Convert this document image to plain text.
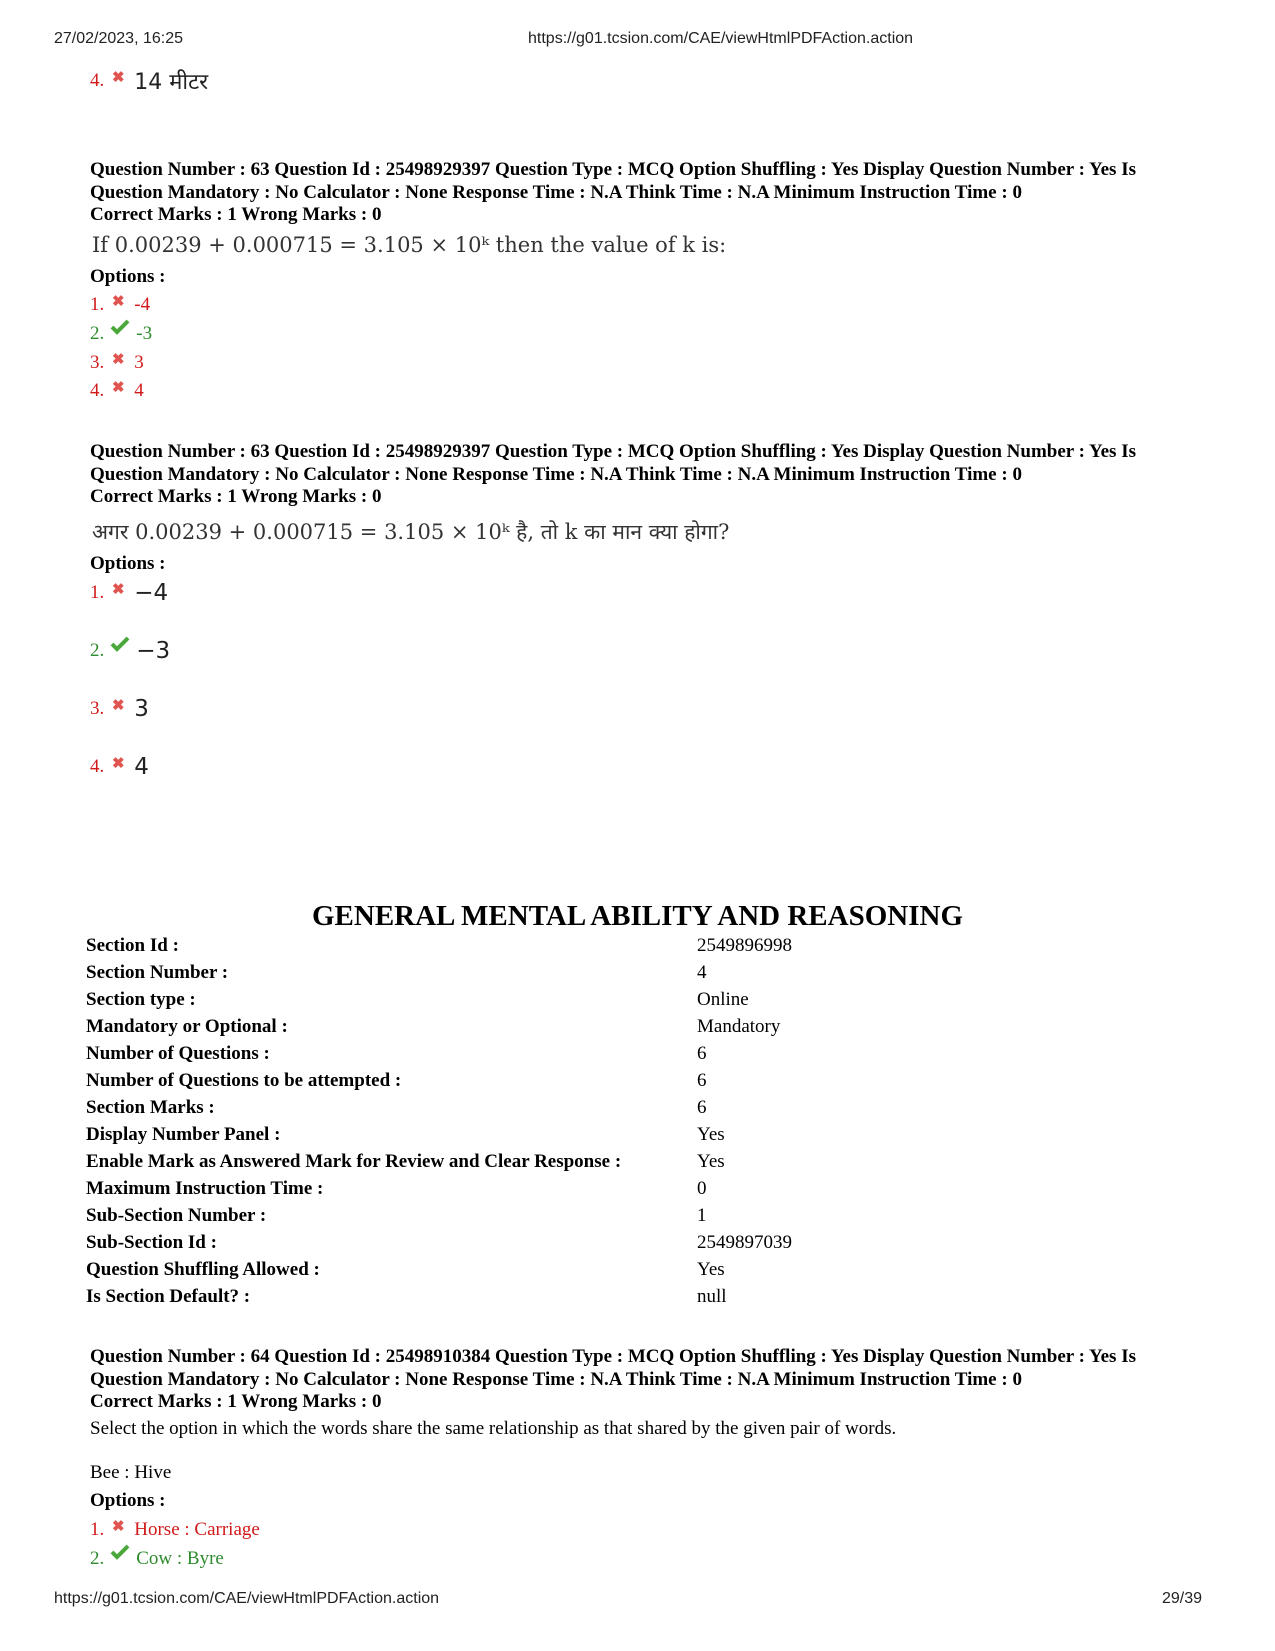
27/02/2023, 16:25	https://g01.tcsion.com/CAE/viewHtmlPDFAction.action
4. ✖ 14 मीटर
Question Number : 63 Question Id : 25498929397 Question Type : MCQ Option Shuffling : Yes Display Question Number : Yes Is Question Mandatory : No Calculator : None Response Time : N.A Think Time : N.A Minimum Instruction Time : 0
Correct Marks : 1 Wrong Marks : 0
If 0.00239 + 0.000715 = 3.105 × 10ᵏ then the value of k is:
Options :
1. ✖ -4
2. -3
3. ✖ 3
4. ✖ 4
Question Number : 63 Question Id : 25498929397 Question Type : MCQ Option Shuffling : Yes Display Question Number : Yes Is Question Mandatory : No Calculator : None Response Time : N.A Think Time : N.A Minimum Instruction Time : 0
Correct Marks : 1 Wrong Marks : 0
अगर 0.00239 + 0.000715 = 3.105 × 10ᵏ है, तो k का मान क्या होगा?
Options :
1. ✖ −4
2. −3
3. ✖ 3
4. ✖ 4
GENERAL MENTAL ABILITY AND REASONING
Section Id :	2549896998
Section Number :	4
Section type :	Online
Mandatory or Optional :	Mandatory
Number of Questions :	6
Number of Questions to be attempted :	6
Section Marks :	6
Display Number Panel :	Yes
Enable Mark as Answered Mark for Review and Clear Response :	Yes
Maximum Instruction Time :	0
Sub-Section Number :	1
Sub-Section Id :	2549897039
Question Shuffling Allowed :	Yes
Is Section Default? :	null
Question Number : 64 Question Id : 25498910384 Question Type : MCQ Option Shuffling : Yes Display Question Number : Yes Is Question Mandatory : No Calculator : None Response Time : N.A Think Time : N.A Minimum Instruction Time : 0
Correct Marks : 1 Wrong Marks : 0
Select the option in which the words share the same relationship as that shared by the given pair of words.
Bee : Hive
Options :
1. ✖ Horse : Carriage
2. Cow : Byre
https://g01.tcsion.com/CAE/viewHtmlPDFAction.action	29/39
